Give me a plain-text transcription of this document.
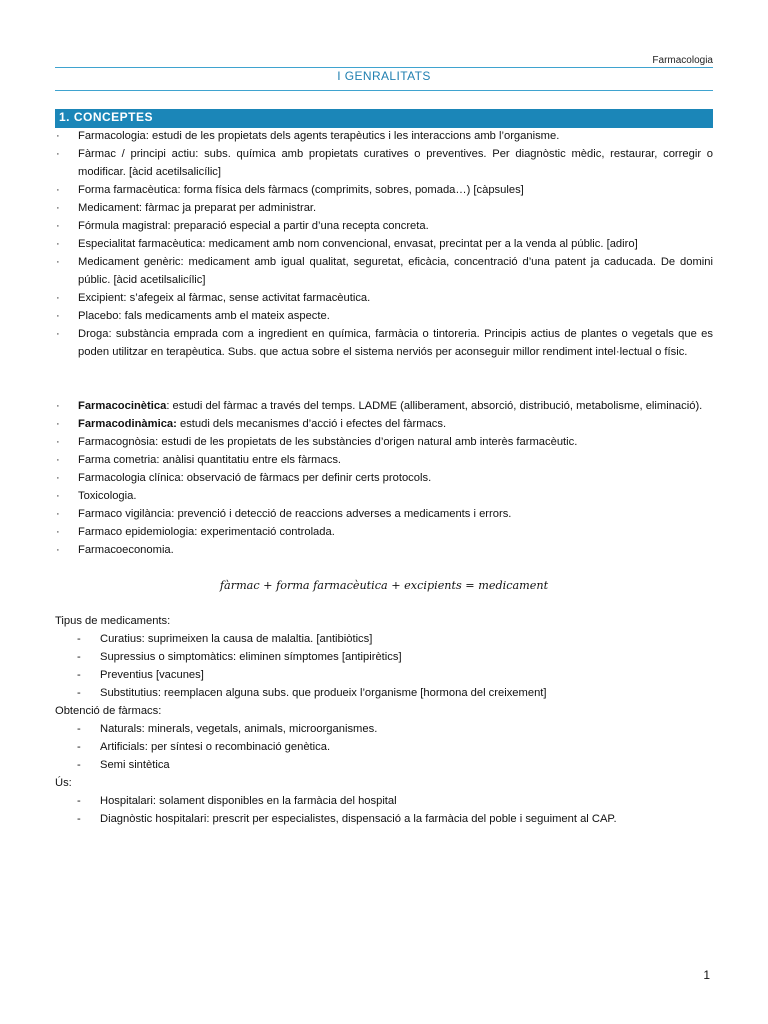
Farmacologia
I GENRALITATS
1. CONCEPTES
· Farmacologia: estudi de les propietats dels agents terapèutics i les interaccions amb l’organisme.
· Fàrmac / principi actiu: subs. química amb propietats curatives o preventives. Per diagnòstic mèdic, restaurar, corregir o modificar. [àcid acetilsalicílic]
· Forma farmacèutica: forma física dels fàrmacs (comprimits, sobres, pomada…) [càpsules]
· Medicament: fàrmac ja preparat per administrar.
· Fórmula magistral: preparació especial a partir d’una recepta concreta.
· Especialitat farmacèutica: medicament amb nom convencional, envasat, precintat per a la venda al públic. [adiro]
· Medicament genèric: medicament amb igual qualitat, seguretat, eficàcia, concentració d’una patent ja caducada. De domini públic. [àcid acetilsalicílic]
· Excipient: s’afegeix al fàrmac, sense activitat farmacèutica.
· Placebo: fals medicaments amb el mateix aspecte.
· Droga: substància emprada com a ingredient en química, farmàcia o tintoreria. Principis actius de plantes o vegetals que es poden utilitzar en terapèutica. Subs. que actua sobre el sistema nerviós per aconseguir millor rendiment intel·lectual o físic.
· Farmacocinètica: estudi del fàrmac a través del temps. LADME (alliberament, absorció, distribució, metabolisme, eliminació).
· Farmacodinàmica: estudi dels mecanismes d’acció i efectes del fàrmacs.
· Farmacognòsia: estudi de les propietats de les substàncies d’origen natural amb interès farmacèutic.
· Farma cometria: anàlisi quantitatiu entre els fàrmacs.
· Farmacologia clínica: observació de fàrmacs per definir certs protocols.
· Toxicologia.
· Farmaco vigilància: prevenció i detecció de reaccions adverses a medicaments i errors.
· Farmaco epidemiologia: experimentació controlada.
· Farmacoeconomia.
fàrmac + forma farmacèutica + excipients = medicament
Tipus de medicaments:
- Curatius: suprimeixen la causa de malaltia. [antibiòtics]
- Supressius o simptomàtics: eliminen símptomes [antipirètics]
- Preventius [vacunes]
- Substitutius: reemplacen alguna subs. que produeix l’organisme [hormona del creixement]
Obtenció de fàrmacs:
- Naturals: minerals, vegetals, animals, microorganismes.
- Artificials: per síntesi o recombinació genètica.
- Semi sintètica
Ús:
- Hospitalari: solament disponibles en la farmàcia del hospital
- Diagnòstic hospitalari: prescrit per especialistes, dispensació a la farmàcia del poble i seguiment al CAP.
1
